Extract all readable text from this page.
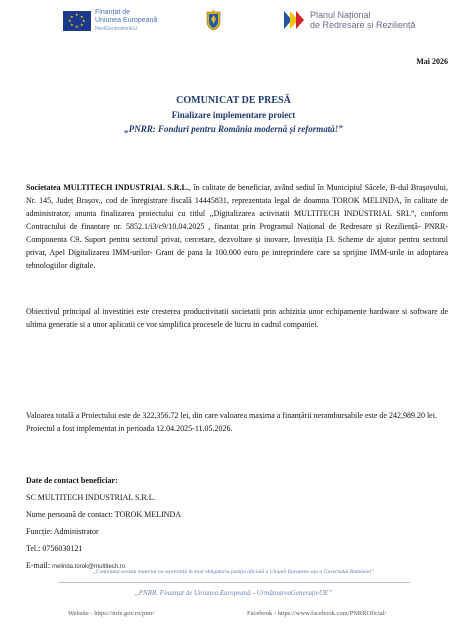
★ ★
★
★
★
★
★
★
Finanțat de
Uniunea Europeană
NextGenerationEU
Planul Național
de Redresare și Reziliență
Mai 2026
COMUNICAT DE PRESĂ
Finalizare implementare proiect
„PNRR: Fonduri pentru România modernă și reformată!”
Societatea MULTITECH INDUSTRIAL S.R.L., în calitate de beneficiar, având sediul în Municipiul Săcele, B-dul Brașovului, Nr. 145, Județ Brașov., cod de înregistrare fiscală 14445831, reprezentata legal de doamna TOROK MELINDA, în calitate de administrator, anunta finalizarea proiectului cu titlul ,,Digitalizarea activitatii MULTITECH INDUSTRIAL SRL”, conform Contractului de finantare nr. 5852.1/i3/c9/10.04.2025 , finantat prin Programul Național de Redresare și Reziliență- PNRR- Componenta C9. Suport pentru sectorul privat, cercetare, dezvoltare și inovare, Investiția I3. Scheme de ajutor pentru sectorul privat, Apel Digitalizarea IMM-urilor- Grant de pana la 100.000 euro pe intreprindere care sa sprijine IMM-urile in adoptarea tehnologiilor digitale.
Obiectivul principal al investitiei este cresterea productivitatii societatii prin achizitia unor echipamente hardware si software de ultima generatie si a unor aplicatii ce vor simplifica procesele de lucru in cadrul companiei.
Valoarea totală a Proiectului este de 322,356.72 lei, din care valoarea maxima a finanțării nerambursabile este de 242,989.20 lei.
Proiectul a fost implementat in perioada 12.04.2025-11.05.2026.
Date de contact beneficiar:
SC MULTITECH INDUSTRIAL S.R.L.
Nume persoană de contact: TOROK MELINDA
Funcție: Administrator
Tel.: 0756030121
E-mail: melinda.torok@multitech.ro
„Conținutul acestui material nu reprezintă în mod obligatoriu poziția oficială a Uniunii Europene sau a Guvernului României”
„PNRR. Finanțat de Uniunea Europeană - UrmătoareaGenerațieUE”
Website - https://mfe.gov.ro/pnrr/	Facebook - https://www.facebook.com/PNRROficial/
